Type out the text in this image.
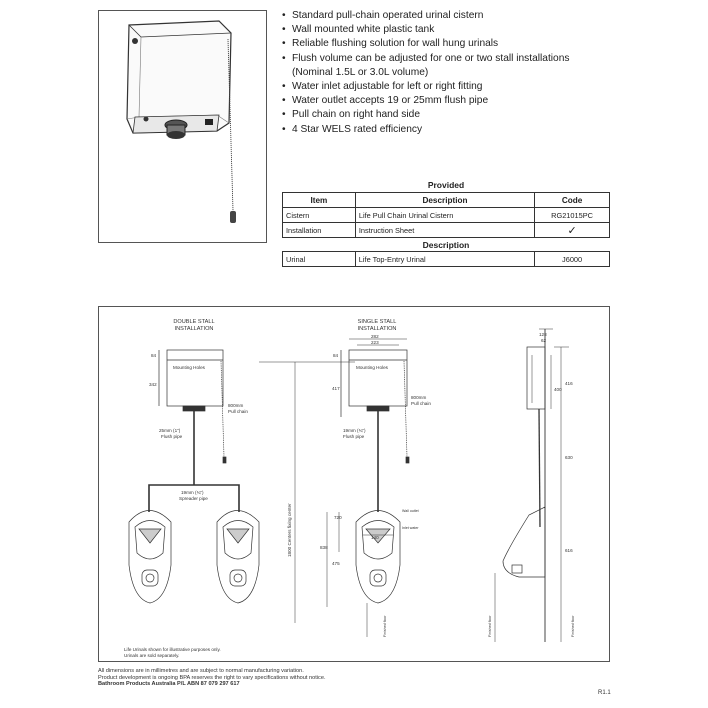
• Standard pull-chain operated urinal cistern
• Wall mounted white plastic tank
• Reliable flushing solution for wall hung urinals
• Flush volume can be adjusted for one or two stall installations (Nominal 1.5L or 3.0L volume)
• Water inlet adjustable for left or right fitting
• Water outlet accepts 19 or 25mm flush pipe
• Pull chain on right hand side
• 4 Star WELS rated efficiency
Provided
Item	Description	Code
Cistern	Life Pull Chain Urinal Cistern	RG21015PC
Installation	Instruction Sheet	✓
Description
Urinal	Life Top-Entry Urinal	J6000
DOUBLE STALL
INSTALLATION
Mounting Holes
84
342
800mm
Pull chain
25mm (1")
Flush pipe
19mm (¾")
Spreader pipe
1800 Centers fixing center
SINGLE STALL
INSTALLATION
282
223
Mounting Holes
84
417
800mm
Pull chain
19mm (¾")
Flush pipe
Wall outlet
Inlet water
720
140
838
475
Finished floor
128
62
416
400
630
616
Finished floor	Finished floor
Life Urinals shown for illustrative purposes only.
Urinals are sold separately.
All dimensions are in millimetres and are subject to normal manufacturing variation.
Product development is ongoing BPA reserves the right to vary specifications without notice.
Bathroom Products Australia P/L ABN 87 079 297 617
R1.1
